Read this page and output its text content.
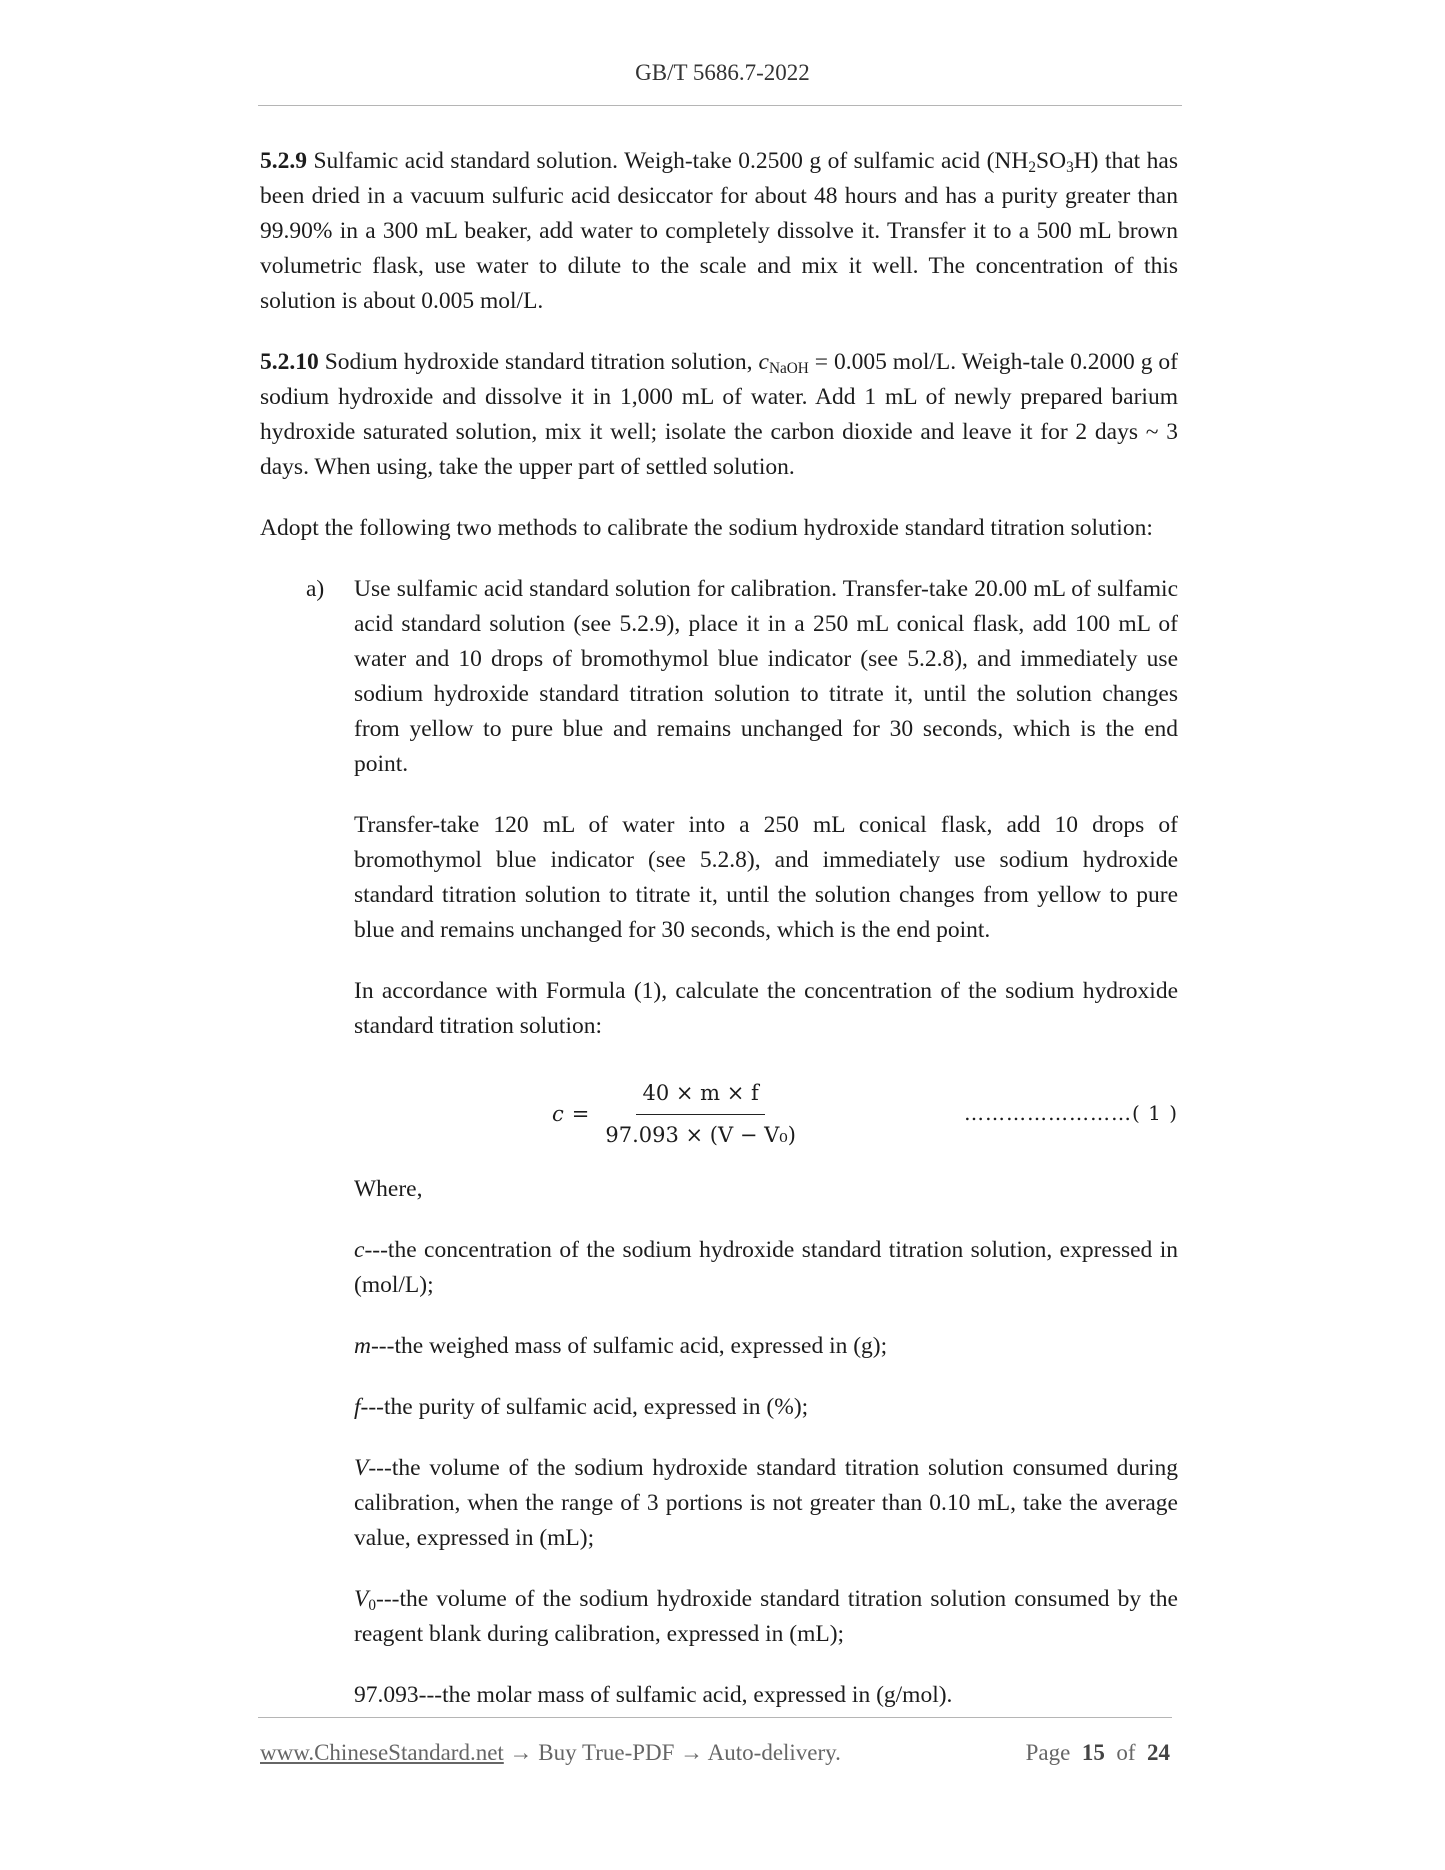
GB/T 5686.7-2022

5.2.9 Sulfamic acid standard solution. Weigh-take 0.2500 g of sulfamic acid $(NH_2SO_3H)$ that has been dried in a vacuum sulfuric acid desiccator for about 48 hours and has a purity greater than 99.90% in a 300 mL beaker, add water to completely dissolve it. Transfer it to a 500 mL brown volumetric flask, use water to dilute to the scale and mix it well. The concentration of this solution is about 0.005 mol/L.

5.2.10 Sodium hydroxide standard titration solution, $c_{NaOH} = 0.005$ mol/L. Weigh-tale 0.2000 g of sodium hydroxide and dissolve it in 1,000 mL of water. Add 1 mL of newly prepared barium hydroxide saturated solution, mix it well; isolate the carbon dioxide and leave it for 2 days ~ 3 days. When using, take the upper part of settled solution.

Adopt the following two methods to calibrate the sodium hydroxide standard titration solution:

a) Use sulfamic acid standard solution for calibration. Transfer-take 20.00 mL of sulfamic acid standard solution (see 5.2.9), place it in a 250 mL conical flask, add 100 mL of water and 10 drops of bromothymol blue indicator (see 5.2.8), and immediately use sodium hydroxide standard titration solution to titrate it, until the solution changes from yellow to pure blue and remains unchanged for 30 seconds, which is the end point.

Transfer-take 120 mL of water into a 250 mL conical flask, add 10 drops of bromothymol blue indicator (see 5.2.8), and immediately use sodium hydroxide standard titration solution to titrate it, until the solution changes from yellow to pure blue and remains unchanged for 30 seconds, which is the end point.

In accordance with Formula (1), calculate the concentration of the sodium hydroxide standard titration solution:

$c = \frac{40 \times m \times f}{\text{97.093 × (V − V₀)}}$	……………………( 1 )

Where,

c---the concentration of the sodium hydroxide standard titration solution, expressed in (mol/L);

m---the weighed mass of sulfamic acid, expressed in (g);

f---the purity of sulfamic acid, expressed in (%);

V---the volume of the sodium hydroxide standard titration solution consumed during calibration, when the range of 3 portions is not greater than 0.10 mL, take the average value, expressed in (mL);

$V_0--$-the volume of the sodium hydroxide standard titration solution consumed by the reagent blank during calibration, expressed in (mL);

97.093---the molar mass of sulfamic acid, expressed in (g/mol).

www.ChineseStandard.net → Buy True-PDF → Auto-delivery.	Page 15 of 24
